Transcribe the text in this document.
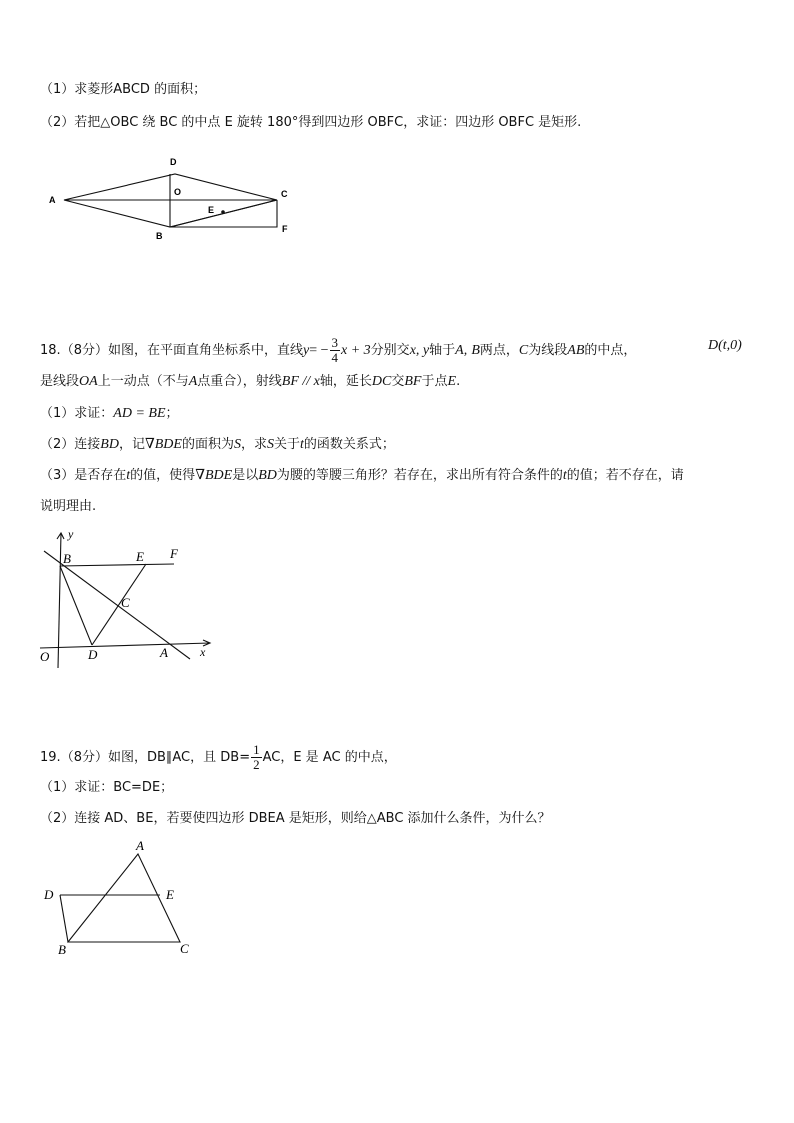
（1）求菱形ABCD 的面积；
（2）若把△OBC 绕 BC 的中点 E 旋转 180°得到四边形 OBFC，求证：四边形 OBFC 是矩形.
D
A
O	C
E
B
F
18.（8分）如图，在平面直角坐标系中，直线$y= - \frac{3}{4}$ x + 3分别交x, y轴于A, B两点，C为线段AB的中点，	D(t,0)
是线段OA上一动点（不与A点重合），射线BF // x轴，延长DC交BF于点E.
（1）求证：AD = BE；
（2）连接BD，记∇BDE的面积为S，求S关于t的函数关系式；
（3）是否存在t的值，使得∇BDE是以BD为腰的等腰三角形？若存在，求出所有符合条件的t的值；若不存在，请
说明理由.
y
x
O
B	E F
C
D	A
19.（8分）如图，DB∥AC，且 $DB= \frac{1}{2}$ AC，E 是 AC 的中点，
（1）求证：BC=DE；
（2）连接 AD、BE，若要使四边形 DBEA 是矩形，则给△ABC 添加什么条件，为什么？
A
D	E
B	C
